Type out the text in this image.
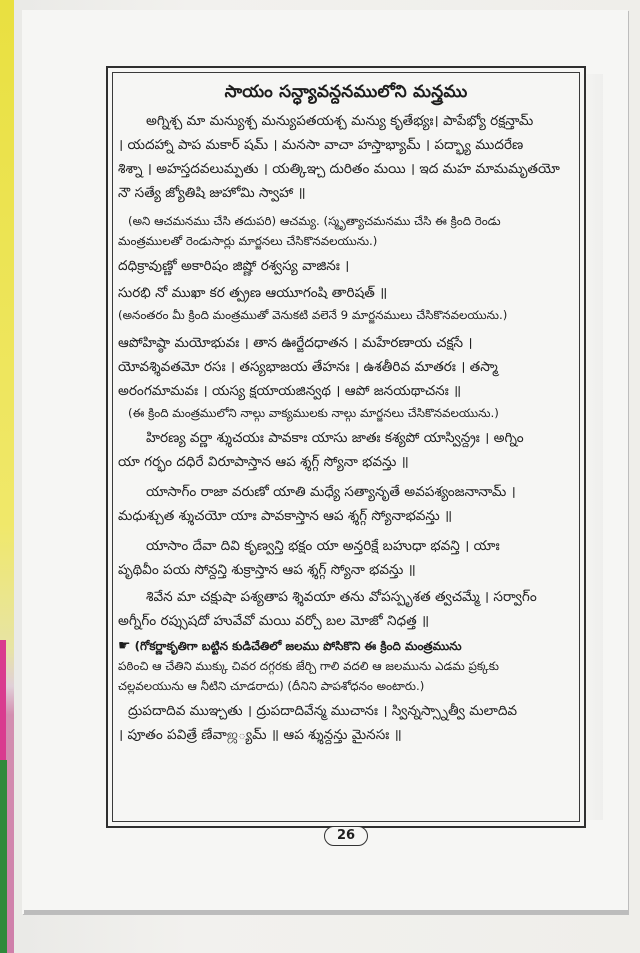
సాయం సన్ధ్యావన్దనములోని మన్త్రము
అగ్నిశ్చ మా మన్యుశ్చ మన్యుపతయశ్చ మన్యు కృతేభ్యః। పాపేభ్యో రక్షన్తామ్
। యదహ్నా పాప మకార్ షమ్ । మనసా వాచా హస్తాభ్యామ్ । పద్భ్యా ముదరేణ
శిశ్నా । అహస్తదవలుమ్పతు । యత్కిఞ్చ దురితం మయి । ఇద మహ మామమృతయో
నౌ సత్యే జ్యోతిషి జుహోమి స్వాహా ॥
(అని ఆచమనము చేసి తదుపరి) ఆచమ్య. (స్మృత్యాచమనము చేసి ఈ క్రింది రెండు
మంత్రములతో రెండుసార్లు మార్జనలు చేసికొనవలయును.)
దధిక్రావుణ్ణో అకారిషం జిష్ణో రశ్వస్య వాజినః ।
సురభి నో ముఖా కర త్ప్రణ ఆయూగంషి తారిషత్ ॥
(అనంతరం మీ క్రింది మంత్రముతో వెనుకటి వలెనే 9 మార్జనములు చేసికొనవలయును.)
ఆపోహిష్ఠా మయోభువః । తాన ఊర్జేదధాతన । మహేరణాయ చక్షసే ।
యోవశ్శివతమో రసః । తస్యభాజయ తేహనః । ఉశతీరివ మాతరః । తస్మా
అరంగమామవః । యస్య క్షయాయజిన్వథ । ఆపో జనయథాచనః ॥
(ఈ క్రింది మంత్రములోని నాల్గు వాక్యములకు నాల్గు మార్జనలు చేసికొనవలయును.)
హిరణ్య వర్ణా శ్శుచయః పావకాః యాసు జాతః కశ్యపో యాస్విన్ద్రః । అగ్నిం
యా గర్భం దధిరే విరూపాస్తాన ఆప శ్శగ్గ్ స్యోనా భవన్తు ॥
యాసాగ్ం రాజా వరుణో యాతి మధ్యే సత్యానృతే అవపశ్యంజనానామ్ ।
మధుశ్చుత శ్శుచయో యాః పావకాస్తాన ఆప శ్శగ్గ్ స్యోనాభవన్తు ॥
యాసాం దేవా దివి కృణ్వన్తి భక్షం యా అన్తరిక్షే బహుధా భవన్తి । యాః
పృథివీం పయ సోన్దన్తి శుక్రాస్తాన ఆప శ్శగ్గ్ స్యోనా భవన్తు ॥
శివేన మా చక్షుషా పశ్యతాప శ్శివయా తను వోపస్పృశత త్వచమ్మే । సర్వాగ్ం
అగ్నీగ్ం రప్సుషదో హువేవో మయి వర్చో బల మోజో నిధత్త ॥
☛ (గోకర్ణాకృతిగా బట్టిన కుడిచేతిలో జలము పోసికొని ఈ క్రింది మంత్రమును
పఠించి ఆ చేతిని ముక్కు చివర దగ్గరకు జేర్చి గాలి వదలి ఆ జలమును ఎడమ ప్రక్కకు
చల్లవలయును ఆ నీటిని చూడరాదు) (దీనిని పాపశోధనం అంటారు.)
ద్రుపదాదివ ముఞ్చతు । ద్రుపదాదివేన్మ ముచానః । స్విన్నస్స్నాత్వీ మలాదివ
। పూతం పవిత్రే ణేవాஜ్యమ్ ॥ ఆప శ్శున్దన్తు మైనసః ॥
26
